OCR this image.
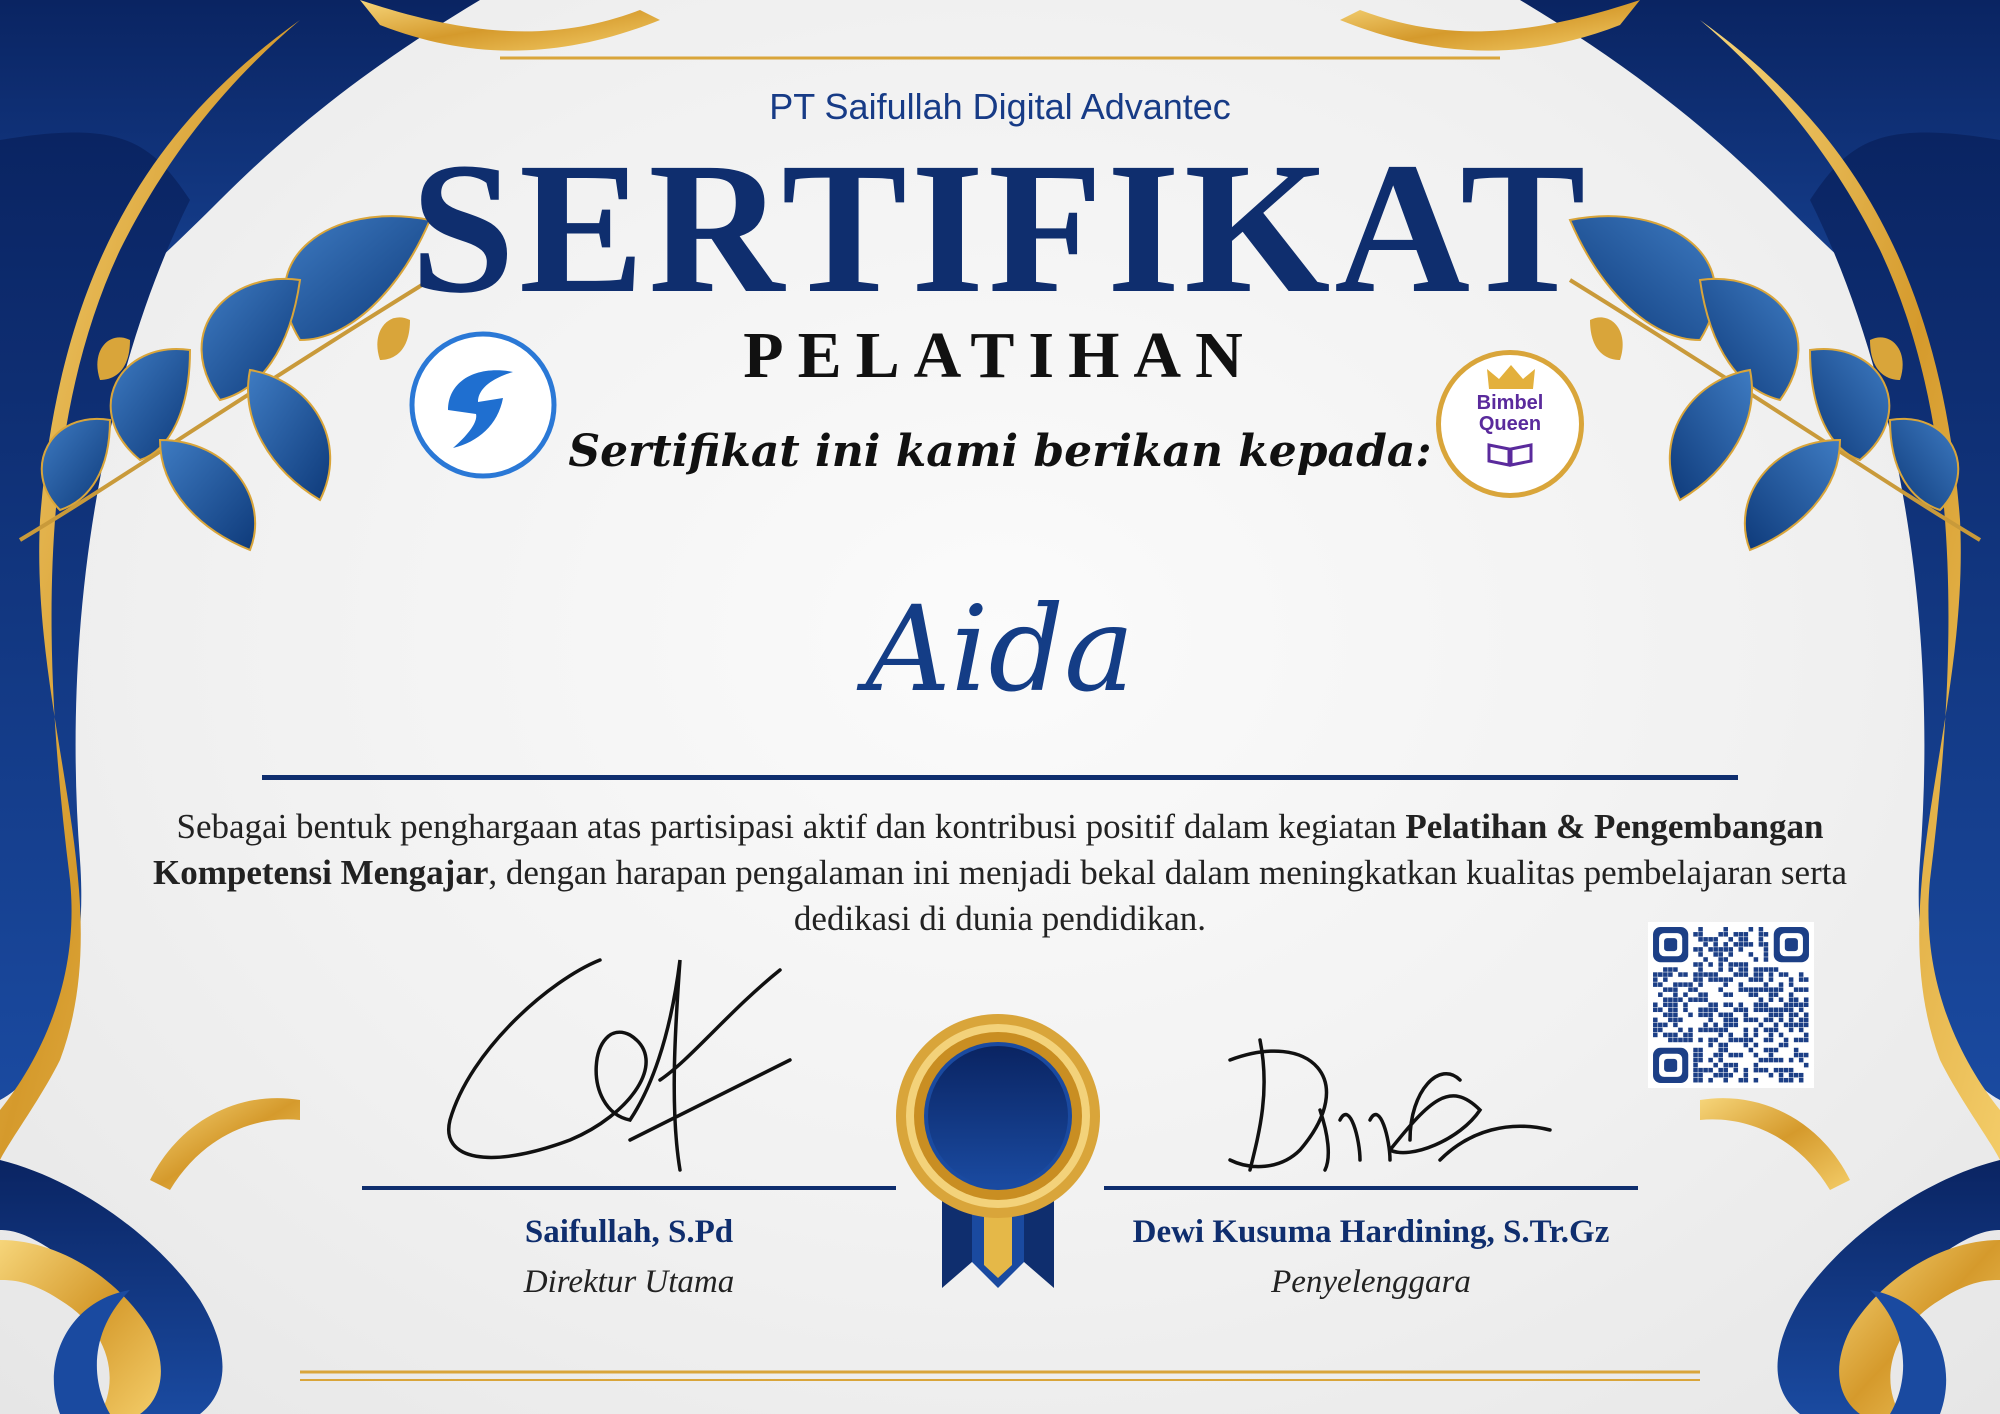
PT Saifullah Digital Advantec
SERTIFIKAT
PELATIHAN
Bimbel
Queen
Sertifikat ini kami berikan kepada:
Aida
Sebagai bentuk penghargaan atas partisipasi aktif dan kontribusi positif dalam kegiatan Pelatihan & Pengembangan Kompetensi Mengajar, dengan harapan pengalaman ini menjadi bekal dalam meningkatkan kualitas pembelajaran serta dedikasi di dunia pendidikan.
Saifullah, S.Pd
Direktur Utama
Dewi Kusuma Hardining, S.Tr.Gz
Penyelenggara
